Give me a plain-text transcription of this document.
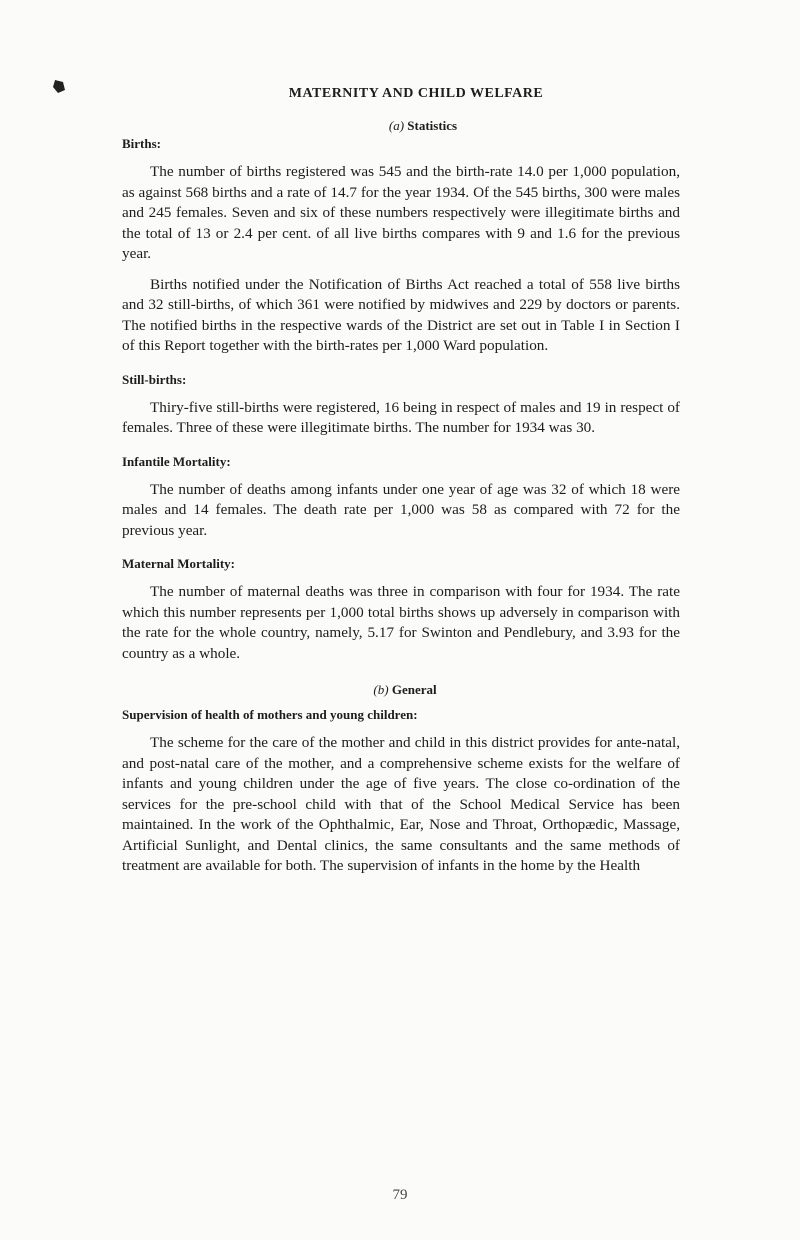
MATERNITY AND CHILD WELFARE
(a) Statistics
Births:

The number of births registered was 545 and the birth-rate 14.0 per 1,000 population, as against 568 births and a rate of 14.7 for the year 1934. Of the 545 births, 300 were males and 245 females. Seven and six of these numbers respectively were illegitimate births and the total of 13 or 2.4 per cent. of all live births compares with 9 and 1.6 for the previous year.

Births notified under the Notification of Births Act reached a total of 558 live births and 32 still-births, of which 361 were notified by midwives and 229 by doctors or parents. The notified births in the respective wards of the District are set out in Table I in Section I of this Report together with the birth-rates per 1,000 Ward population.

Still-births:

Thiry-five still-births were registered, 16 being in respect of males and 19 in respect of females. Three of these were illegitimate births. The number for 1934 was 30.

Infantile Mortality:

The number of deaths among infants under one year of age was 32 of which 18 were males and 14 females. The death rate per 1,000 was 58 as compared with 72 for the previous year.

Maternal Mortality:

The number of maternal deaths was three in comparison with four for 1934. The rate which this number represents per 1,000 total births shows up adversely in comparison with the rate for the whole country, namely, 5.17 for Swinton and Pendlebury, and 3.93 for the country as a whole.

(b) General
Supervision of health of mothers and young children:

The scheme for the care of the mother and child in this district provides for ante-natal, and post-natal care of the mother, and a comprehensive scheme exists for the welfare of infants and young children under the age of five years. The close co-ordination of the services for the pre-school child with that of the School Medical Service has been maintained. In the work of the Ophthalmic, Ear, Nose and Throat, Orthopædic, Massage, Artificial Sunlight, and Dental clinics, the same consultants and the same methods of treatment are available for both. The supervision of infants in the home by the Health

79
